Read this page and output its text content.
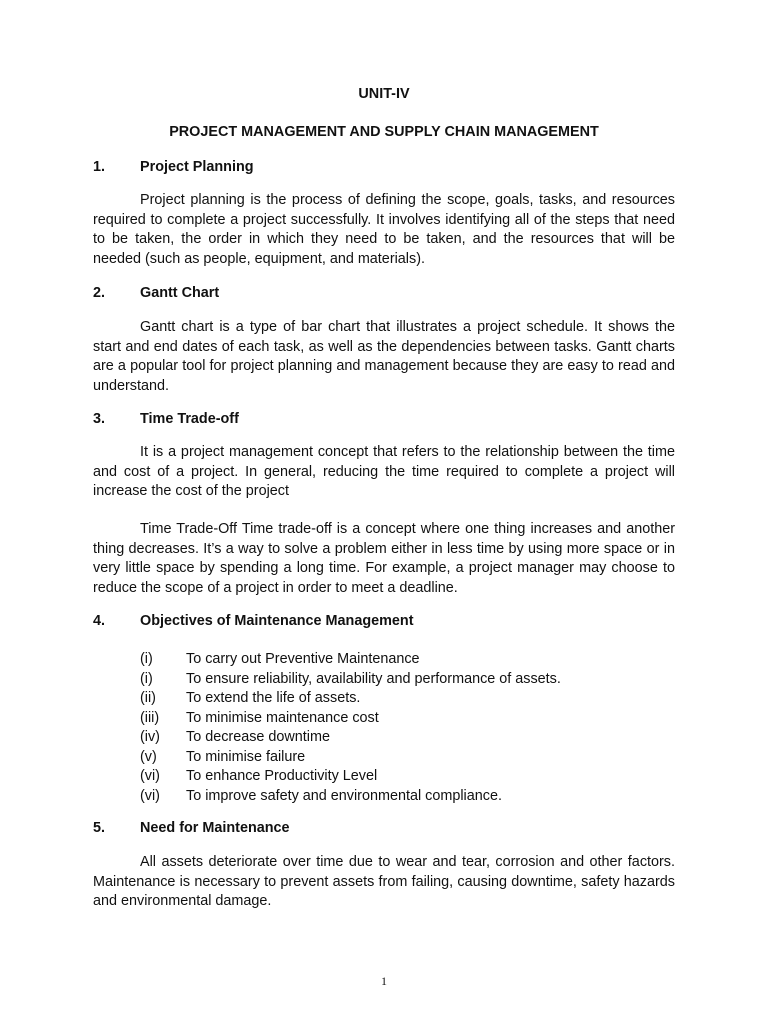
UNIT-IV
PROJECT MANAGEMENT AND SUPPLY CHAIN MANAGEMENT
1. Project Planning

Project planning is the process of defining the scope, goals, tasks, and resources required to complete a project successfully. It involves identifying all of the steps that need to be taken, the order in which they need to be taken, and the resources that will be needed (such as people, equipment, and materials).

2. Gantt Chart

Gantt chart is a type of bar chart that illustrates a project schedule. It shows the start and end dates of each task, as well as the dependencies between tasks. Gantt charts are a popular tool for project planning and management because they are easy to read and understand.

3. Time Trade-off

It is a project management concept that refers to the relationship between the time and cost of a project. In general, reducing the time required to complete a project will increase the cost of the project

Time Trade-Off Time trade-off is a concept where one thing increases and another thing decreases. It’s a way to solve a problem either in less time by using more space or in very little space by spending a long time. For example, a project manager may choose to reduce the scope of a project in order to meet a deadline.

4. Objectives of Maintenance Management
(i) To carry out Preventive Maintenance
(i) To ensure reliability, availability and performance of assets.
(ii) To extend the life of assets.
(iii) To minimise maintenance cost
(iv) To decrease downtime
(v) To minimise failure
(vi) To enhance Productivity Level
(vi) To improve safety and environmental compliance.
5. Need for Maintenance

All assets deteriorate over time due to wear and tear, corrosion and other factors. Maintenance is necessary to prevent assets from failing, causing downtime, safety hazards and environmental damage.

1
